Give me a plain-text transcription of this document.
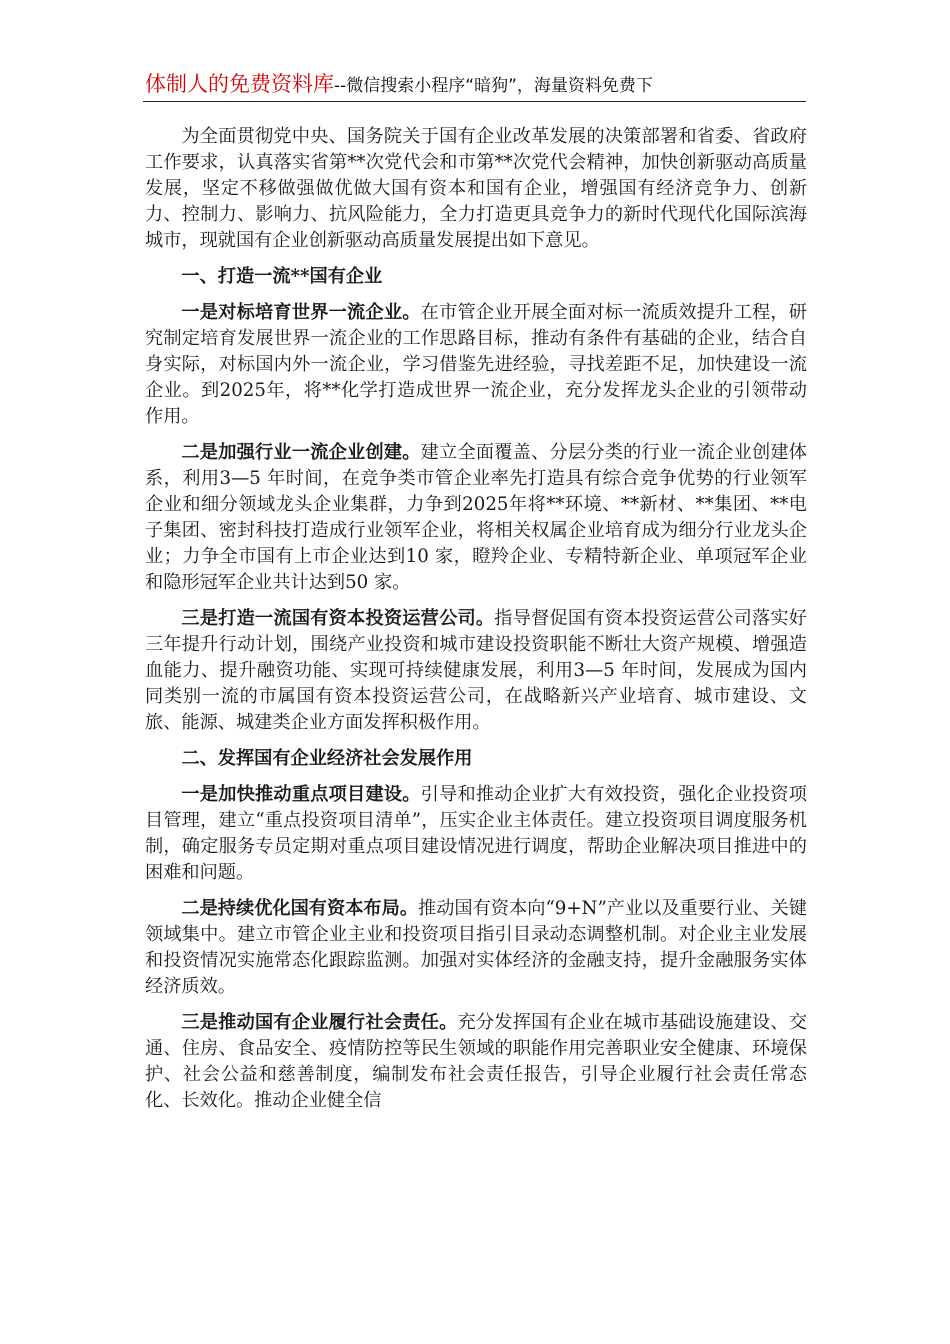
体制人的免费资料库--微信搜索小程序“暗狗”，海量资料免费下

为全面贯彻党中央、国务院关于国有企业改革发展的决策部署和省委、省政府工作要求，认真落实省第**次党代会和市第**次党代会精神，加快创新驱动高质量发展，坚定不移做强做优做大国有资本和国有企业，增强国有经济竞争力、创新力、控制力、影响力、抗风险能力，全力打造更具竞争力的新时代现代化国际滨海城市，现就国有企业创新驱动高质量发展提出如下意见。

一、打造一流**国有企业

一是对标培育世界一流企业。在市管企业开展全面对标一流质效提升工程，研究制定培育发展世界一流企业的工作思路目标，推动有条件有基础的企业，结合自身实际，对标国内外一流企业，学习借鉴先进经验，寻找差距不足，加快建设一流企业。到2025年，将**化学打造成世界一流企业，充分发挥龙头企业的引领带动作用。

二是加强行业一流企业创建。建立全面覆盖、分层分类的行业一流企业创建体系，利用3—5 年时间，在竞争类市管企业率先打造具有综合竞争优势的行业领军企业和细分领域龙头企业集群，力争到2025年将**环境、**新材、**集团、**电子集团、密封科技打造成行业领军企业，将相关权属企业培育成为细分行业龙头企业；力争全市国有上市企业达到10 家，瞪羚企业、专精特新企业、单项冠军企业和隐形冠军企业共计达到50 家。

三是打造一流国有资本投资运营公司。指导督促国有资本投资运营公司落实好三年提升行动计划，围绕产业投资和城市建设投资职能不断壮大资产规模、增强造血能力、提升融资功能、实现可持续健康发展，利用3—5 年时间，发展成为国内同类别一流的市属国有资本投资运营公司，在战略新兴产业培育、城市建设、文旅、能源、城建类企业方面发挥积极作用。

二、发挥国有企业经济社会发展作用

一是加快推动重点项目建设。引导和推动企业扩大有效投资，强化企业投资项目管理，建立“重点投资项目清单”，压实企业主体责任。建立投资项目调度服务机制，确定服务专员定期对重点项目建设情况进行调度，帮助企业解决项目推进中的困难和问题。

二是持续优化国有资本布局。推动国有资本向“9+N”产业以及重要行业、关键领域集中。建立市管企业主业和投资项目指引目录动态调整机制。对企业主业发展和投资情况实施常态化跟踪监测。加强对实体经济的金融支持，提升金融服务实体经济质效。

三是推动国有企业履行社会责任。充分发挥国有企业在城市基础设施建设、交通、住房、食品安全、疫情防控等民生领域的职能作用完善职业安全健康、环境保护、社会公益和慈善制度，编制发布社会责任报告，引导企业履行社会责任常态化、长效化。推动企业健全信
